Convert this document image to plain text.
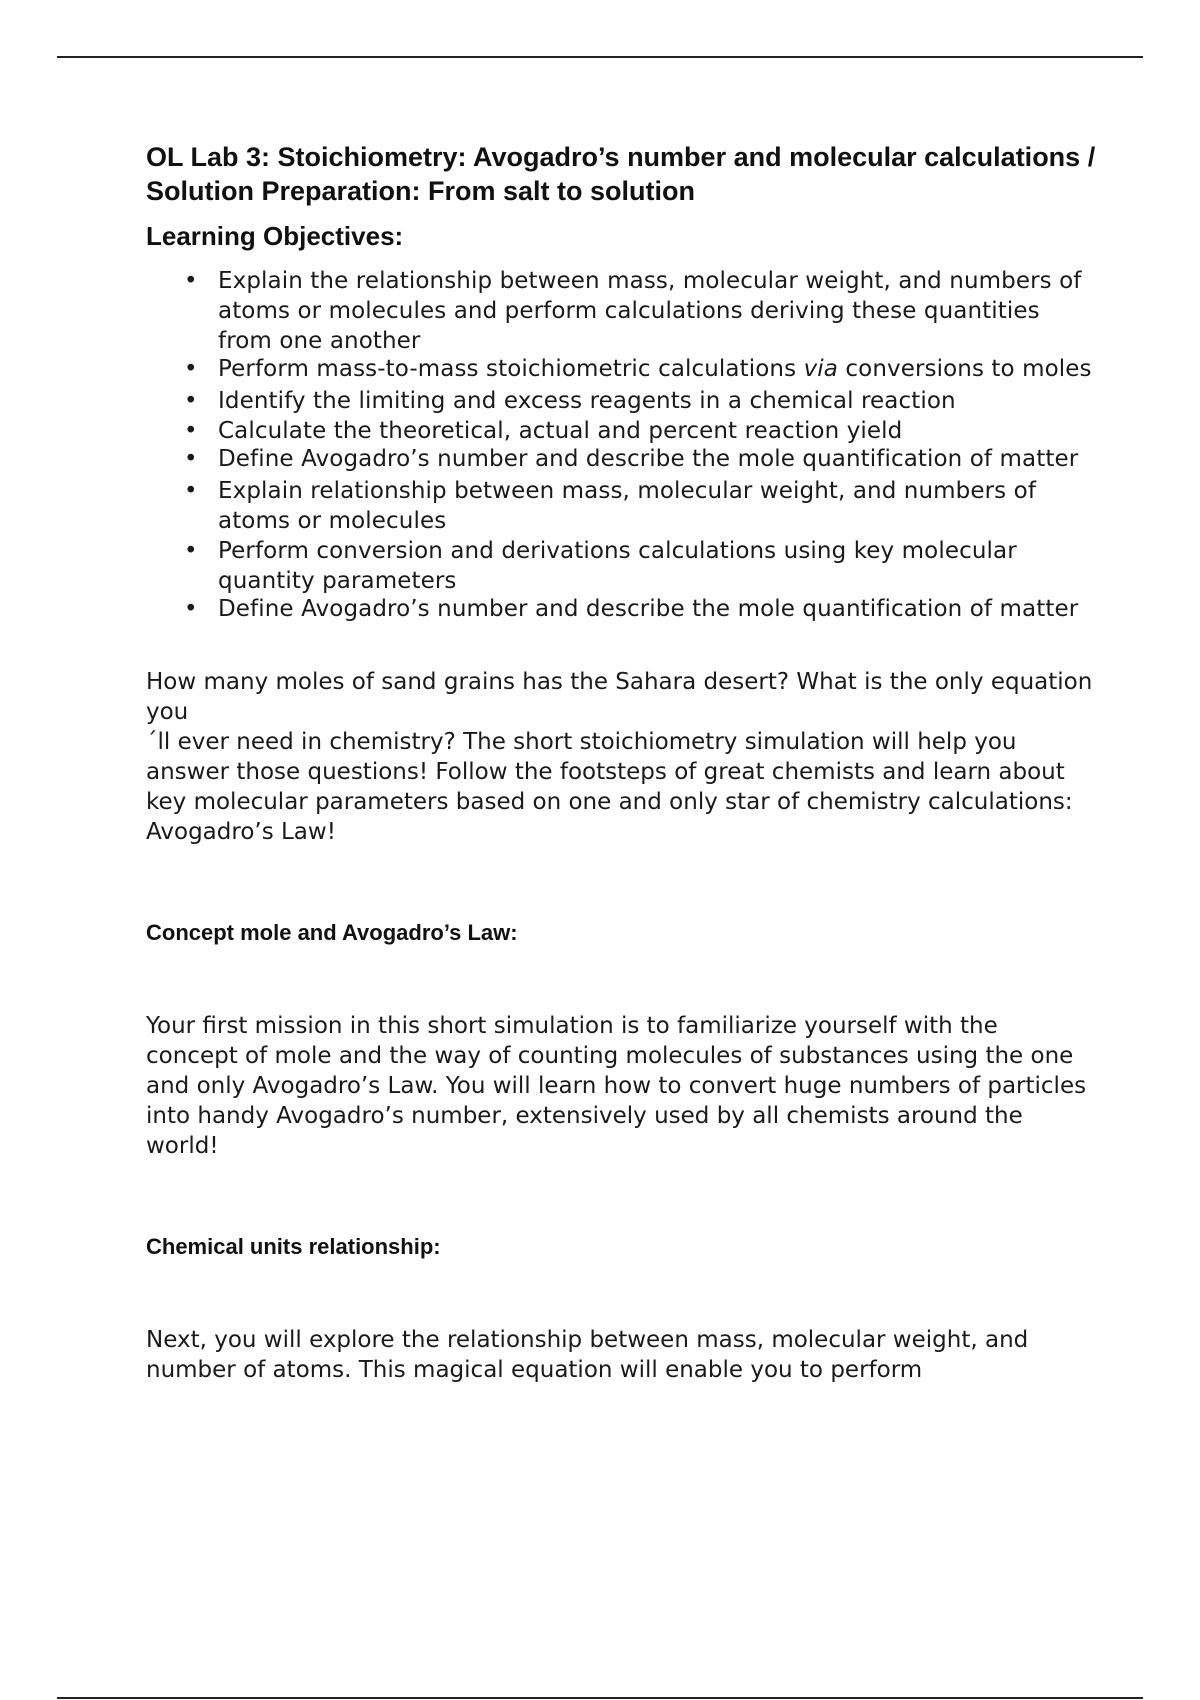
OL Lab 3: Stoichiometry: Avogadro’s number and molecular calculations / Solution Preparation: From salt to solution
Learning Objectives:
• Explain the relationship between mass, molecular weight, and numbers of atoms or molecules and perform calculations deriving these quantities from one another
• Perform mass-to-mass stoichiometric calculations via conversions to moles
• Identify the limiting and excess reagents in a chemical reaction
• Calculate the theoretical, actual and percent reaction yield
• Define Avogadro’s number and describe the mole quantification of matter
• Explain relationship between mass, molecular weight, and numbers of atoms or molecules
• Perform conversion and derivations calculations using key molecular quantity parameters
• Define Avogadro’s number and describe the mole quantification of matter

How many moles of sand grains has the Sahara desert? What is the only equation you
´ll ever need in chemistry? The short stoichiometry simulation will help you answer those questions! Follow the footsteps of great chemists and learn about key molecular parameters based on one and only star of chemistry calculations: Avogadro’s Law!

Concept mole and Avogadro’s Law:

Your first mission in this short simulation is to familiarize yourself with the concept of mole and the way of counting molecules of substances using the one and only Avogadro’s Law. You will learn how to convert huge numbers of particles into handy Avogadro’s number, extensively used by all chemists around the world!

Chemical units relationship:

Next, you will explore the relationship between mass, molecular weight, and number of atoms. This magical equation will enable you to perform
